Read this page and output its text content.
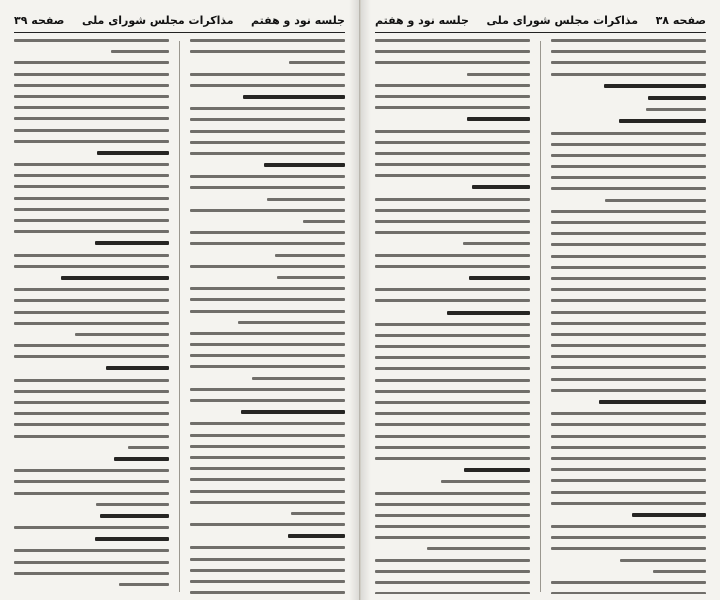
جلسه نود و هفتم
مذاکرات مجلس شورای ملی
صفحه ۳۹	صفحه ۳۸
مذاکرات مجلس شورای ملی
جلسه نود و هفتم
